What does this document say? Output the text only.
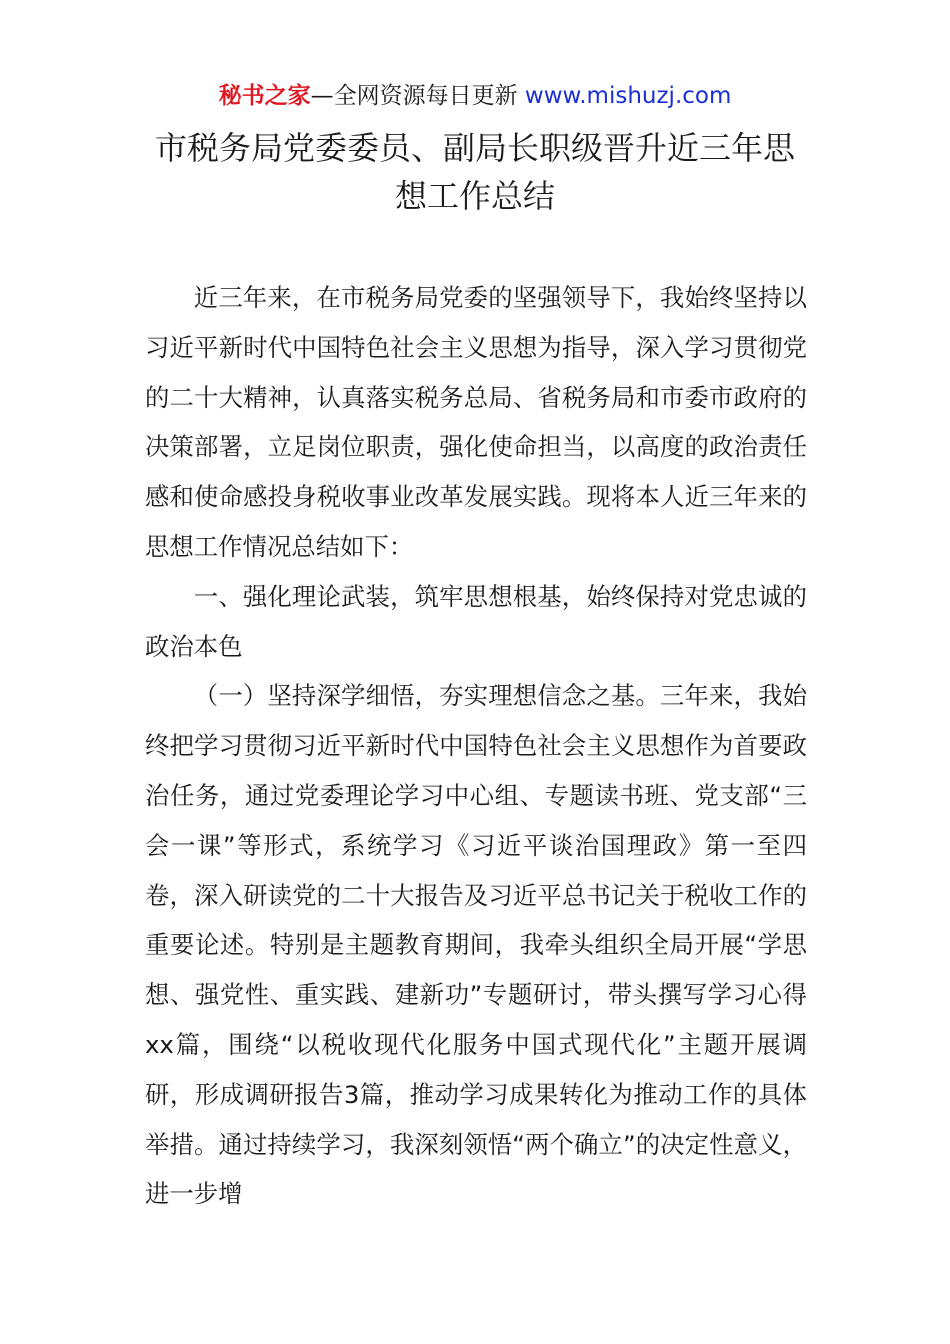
秘书之家—全网资源每日更新 www.mishuzj.com
市税务局党委委员、副局长职级晋升近三年思想工作总结

近三年来，在市税务局党委的坚强领导下，我始终坚持以习近平新时代中国特色社会主义思想为指导，深入学习贯彻党的二十大精神，认真落实税务总局、省税务局和市委市政府的决策部署，立足岗位职责，强化使命担当，以高度的政治责任感和使命感投身税收事业改革发展实践。现将本人近三年来的思想工作情况总结如下：

一、强化理论武装，筑牢思想根基，始终保持对党忠诚的政治本色

（一）坚持深学细悟，夯实理想信念之基。三年来，我始终把学习贯彻习近平新时代中国特色社会主义思想作为首要政治任务，通过党委理论学习中心组、专题读书班、党支部“三会一课”等形式，系统学习《习近平谈治国理政》第一至四卷，深入研读党的二十大报告及习近平总书记关于税收工作的重要论述。特别是主题教育期间，我牵头组织全局开展“学思想、强党性、重实践、建新功”专题研讨，带头撰写学习心得xx篇，围绕“以税收现代化服务中国式现代化”主题开展调研，形成调研报告3篇，推动学习成果转化为推动工作的具体举措。通过持续学习，我深刻领悟“两个确立”的决定性意义，进一步增
